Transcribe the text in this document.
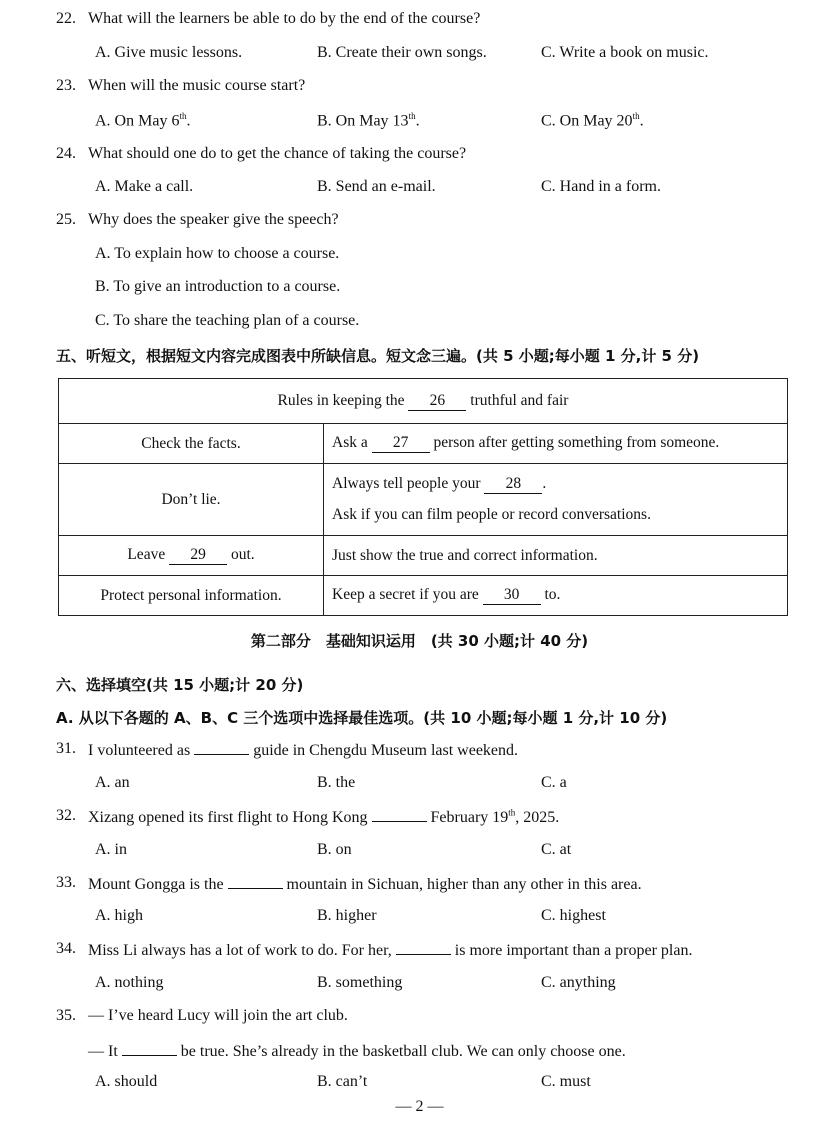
22. What will the learners be able to do by the end of the course?
A. Give music lessons.	B. Create their own songs.	C. Write a book on music.
23. When will the music course start?
A. On May 6th.	B. On May 13th.	C. On May 20th.
24. What should one do to get the chance of taking the course?
A. Make a call.	B. Send an e-mail.	C. Hand in a form.
25. Why does the speaker give the speech?
A. To explain how to choose a course.
B. To give an introduction to a course.
C. To share the teaching plan of a course.
五、听短文，根据短文内容完成图表中所缺信息。短文念三遍。(共 5 小题;每小题 1 分,计 5 分)
Rules in keeping the 26 truthful and fair	
Check the facts.	Ask a 27 person after getting something from someone.
Don’t lie.	Always tell people your 28 .
Ask if you can film people or record conversations.

Leave 29 out.	Just show the true and correct information.
Protect personal information.	Keep a secret if you are 30 to.
第二部分　基础知识运用　(共 30 小题;计 40 分)
六、选择填空(共 15 小题;计 20 分)
A. 从以下各题的 A、B、C 三个选项中选择最佳选项。(共 10 小题;每小题 1 分,计 10 分)
31. I volunteered as	guide in Chengdu Museum last weekend.
A. an	B. the	C. a
32. Xizang opened its first flight to Hong Kong	February 19th, 2025.
A. in	B. on	C. at
33. Mount Gongga is the	mountain in Sichuan, higher than any other in this area.
A. high	B. higher	C. highest
34. Miss Li always has a lot of work to do. For her,	is more important than a proper plan.
A. nothing	B. something	C. anything
35. — I’ve heard Lucy will join the art club.
— It	be true. She’s already in the basketball club. We can only choose one.
A. should	B. can’t	C. must
— 2 —
